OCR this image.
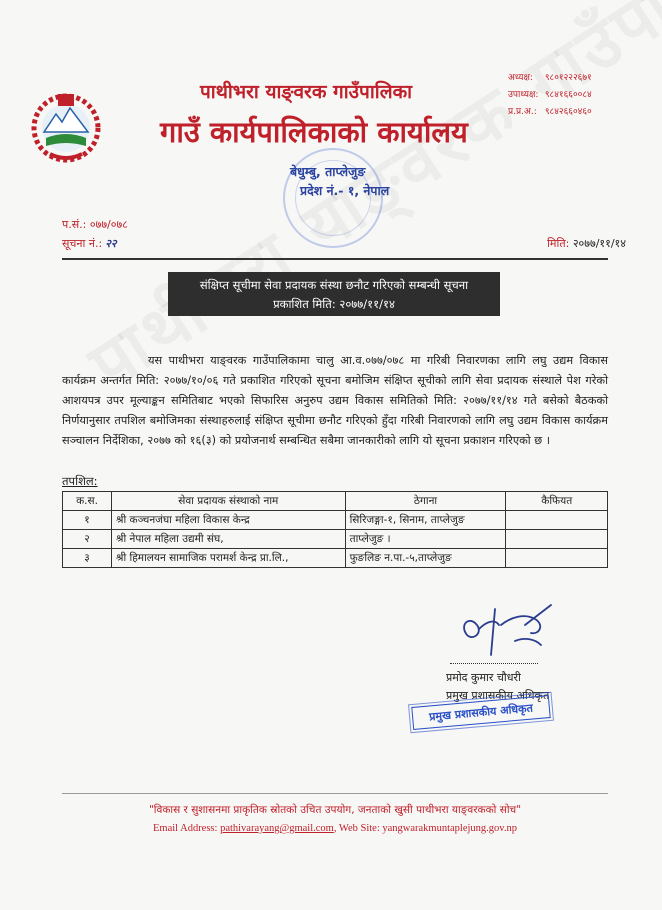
पाथीभरा याङ्वरक गाउँपालिका
गाउँ कार्यपालिकाको कार्यालय
बेधुम्बु, ताप्लेजुङ
प्रदेश नं.- १, नेपाल
अध्यक्ष: ९८०१२२२६७१
उपाध्यक्ष: ९८४१६६००८४
प्र.प्र.अ.: ९८४२६६०४६०
प.सं.: ०७७/०७८
सूचना नं.: २२	मिति: २०७७/११/१४
संक्षिप्त सूचीमा सेवा प्रदायक संस्था छनौट गरिएको सम्बन्धी सूचना
प्रकाशित मिति: २०७७/११/१४
यस पाथीभरा याङ्वरक गाउँपालिकामा चालु आ.व.०७७/०७८ मा गरिबी निवारणका लागि लघु उद्यम विकास कार्यक्रम अन्तर्गत मिति: २०७७/१०/०६ गते प्रकाशित गरिएको सूचना बमोजिम संक्षिप्त सूचीको लागि सेवा प्रदायक संस्थाले पेश गरेको आशयपत्र उपर मूल्याङ्कन समितिबाट भएको सिफारिस अनुरुप उद्यम विकास समितिको मिति: २०७७/११/१४ गते बसेको बैठकको निर्णयानुसार तपशिल बमोजिमका संस्थाहरुलाई संक्षिप्त सूचीमा छनौट गरिएको हुँदा गरिबी निवारणको लागि लघु उद्यम विकास कार्यक्रम सञ्चालन निर्देशिका, २०७७ को १६(३) को प्रयोजनार्थ सम्बन्धित सबैमा जानकारीको लागि यो सूचना प्रकाशन गरिएको छ ।
तपशिल:
क.स.	सेवा प्रदायक संस्थाको नाम	ठेगाना	कैफियत
१	श्री कञ्चनजंघा महिला विकास केन्द्र	सिरिजङ्गा-१, सिनाम, ताप्लेजुङ	
२	श्री नेपाल महिला उद्यमी संघ,	ताप्लेजुङ ।	
३	श्री हिमालयन सामाजिक परामर्श केन्द्र प्रा.लि.,	फुङलिङ न.पा.-५,ताप्लेजुङ	
प्रमोद कुमार चौधरी
प्रमुख प्रशासकीय अधिकृत
प्रमुख प्रशासकीय अधिकृत
"विकास र सुशासनमा प्राकृतिक स्रोतको उचित उपयोग, जनताको खुसी पाथीभरा याङ्वरकको सोच"
Email Address: pathivarayang@gmail.com, Web Site: yangwarakmuntaplejung.gov.np
